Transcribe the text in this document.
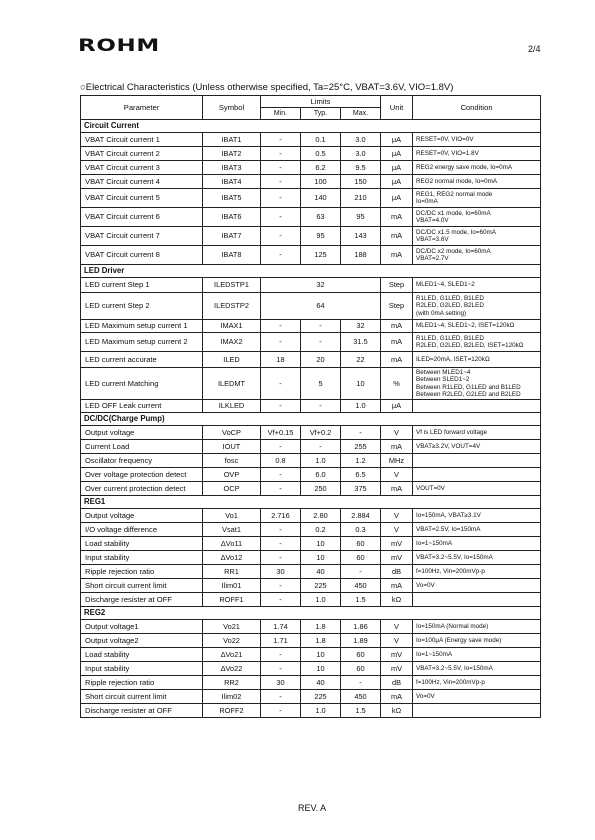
ROHM	2/4
○Electrical Characteristics (Unless otherwise specified, Ta=25°C, VBAT=3.6V, VIO=1.8V)
Parameter	Symbol	Limits			Unit	Condition
		Min.	Typ.	Max.		
Circuit Current						
VBAT Circuit current 1	IBAT1	-	0.1	3.0	μA	RESET=0V, VIO=0V
VBAT Circuit current 2	IBAT2	-	0.5	3.0	μA	RESET=0V, VIO=1.8V
VBAT Circuit current 3	IBAT3	-	6.2	9.5	μA	REG2 energy save mode, Io=0mA
VBAT Circuit current 4	IBAT4	-	100	150	μA	REG2 normal mode, Io=0mA
VBAT Circuit current 5	IBAT5	-	140	210	μA	REG1, REG2 normal mode
Io=0mA
VBAT Circuit current 6	IBAT6	-	63	95	mA	DC/DC x1 mode, Io=60mA
VBAT=4.0V
VBAT Circuit current 7	IBAT7	-	95	143	mA	DC/DC x1.5 mode, Io=60mA
VBAT=3.6V
VBAT Circuit current 8	IBAT8	-	125	188	mA	DC/DC x2 mode, Io=60mA
VBAT=2.7V
LED Driver						
LED current Step 1	ILEDSTP1	32			Step	MLED1~4, SLED1~2
LED current Step 2	ILEDSTP2	64			Step	R1LED, G1LED, B1LED
R2LED, G2LED, B2LED
(with 0mA setting)
LED Maximum setup current 1	IMAX1	-	-	32	mA	MLED1~4, SLED1~2, ISET=120kΩ
LED Maximum setup current 2	IMAX2	-	-	31.5	mA	R1LED, G1LED, B1LED
R2LED, G2LED, B2LED, ISET=120kΩ
LED current accurate	ILED	18	20	22	mA	ILED=20mA, ISET=120kΩ
LED current Matching	ILEDMT	-	5	10	%	Between MLED1~4
Between SLED1~2
Between R1LED, G1LED and B1LED
Between R2LED, G2LED and B2LED
LED OFF Leak current	ILKLED	-	-	1.0	μA	
DC/DC(Charge Pump)						
Output voltage	VoCP	Vf+0.15	Vf+0.2	-	V	Vf is LED forward voltage
Current Load	IOUT	-	-	255	mA	VBAT≥3.2V, VOUT=4V
Oscillator frequency	fosc	0.8	1.0	1.2	MHz	
Over voltage protection detect	OVP	-	6.0	6.5	V	
Over current protection detect	OCP	-	250	375	mA	VOUT=0V
REG1						
Output voltage	Vo1	2.716	2.80	2.884	V	Io=150mA, VBAT≥3.1V
I/O voltage difference	Vsat1	-	0.2	0.3	V	VBAT=2.5V, Io=150mA
Load stability	ΔVo11	-	10	60	mV	Io=1~150mA
Input stability	ΔVo12	-	10	60	mV	VBAT=3.2~5.5V, Io=150mA
Ripple rejection ratio	RR1	30	40	-	dB	f=100Hz, Vin=200mVp-p
Short circuit current limit	Ilim01	-	225	450	mA	Vo=0V
Discharge resister at OFF	ROFF1	-	1.0	1.5	kΩ	
REG2						
Output voltage1	Vo21	1.74	1.8	1.86	V	Io=150mA (Normal mode)
Output voltage2	Vo22	1.71	1.8	1.89	V	Io=100μA (Energy save mode)
Load stability	ΔVo21	-	10	60	mV	Io=1~150mA
Input stability	ΔVo22	-	10	60	mV	VBAT=3.2~5.5V, Io=150mA
Ripple rejection ratio	RR2	30	40	-	dB	f=100Hz, Vin=200mVp-p
Short circuit current limit	Ilim02	-	225	450	mA	Vo=0V
Discharge resister at OFF	ROFF2	-	1.0	1.5	kΩ	
REV. A
